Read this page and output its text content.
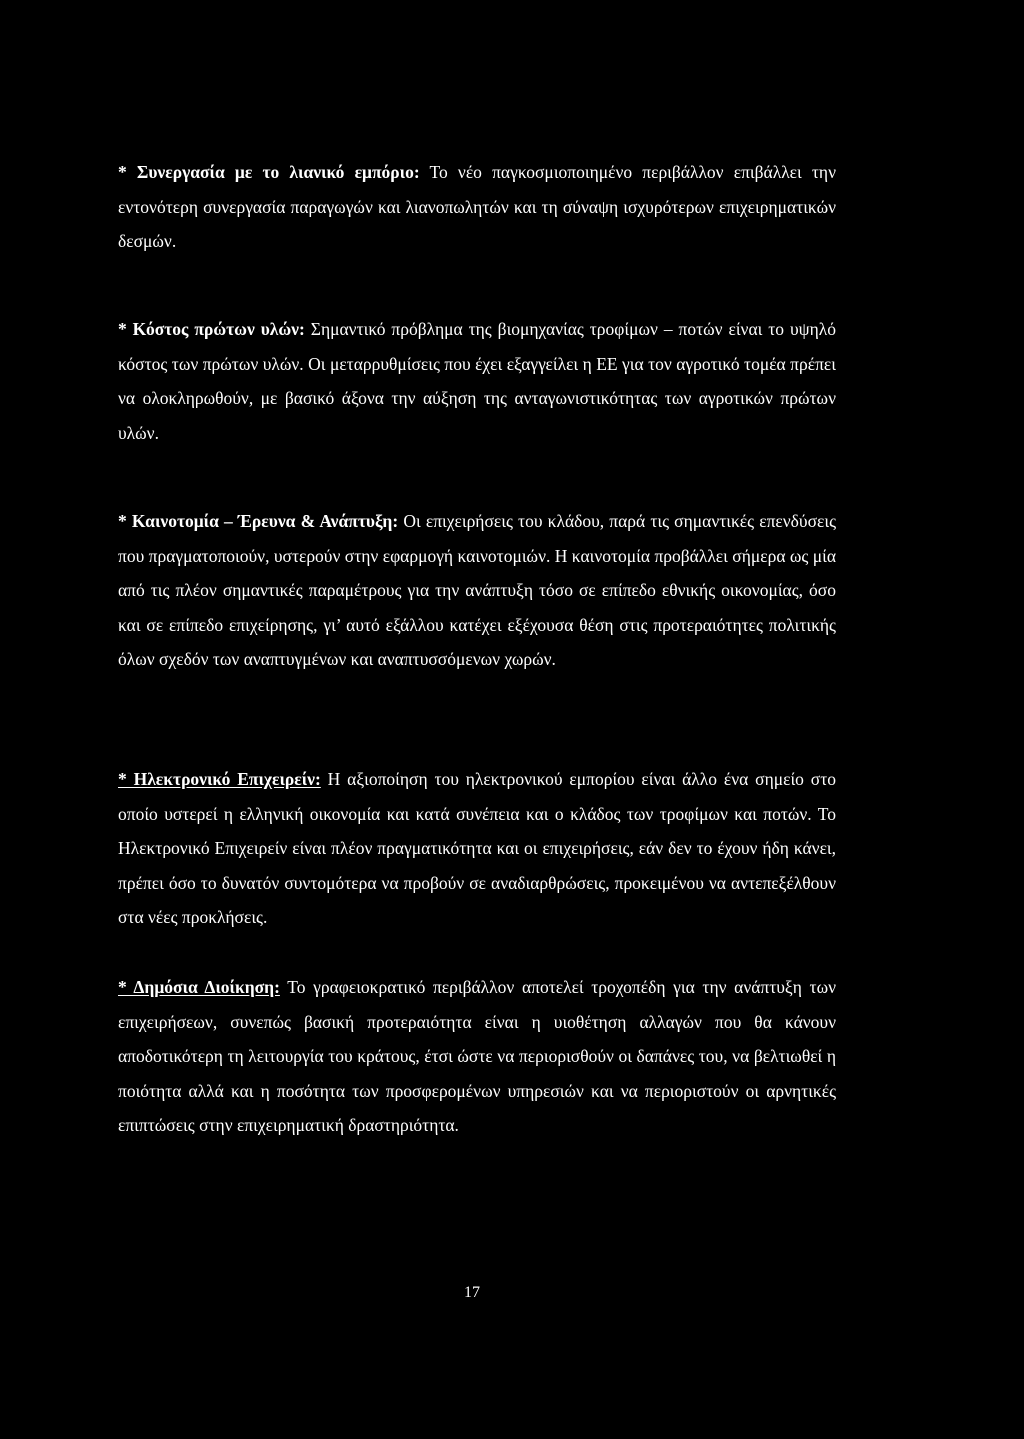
* Συνεργασία με το λιανικό εμπόριο: Το νέο παγκοσμιοποιημένο περιβάλλον επιβάλλει την εντονότερη συνεργασία παραγωγών και λιανοπωλητών και τη σύναψη ισχυρότερων επιχειρηματικών δεσμών.

* Κόστος πρώτων υλών: Σημαντικό πρόβλημα της βιομηχανίας τροφίμων – ποτών είναι το υψηλό κόστος των πρώτων υλών. Οι μεταρρυθμίσεις που έχει εξαγγείλει η ΕΕ για τον αγροτικό τομέα πρέπει να ολοκληρωθούν, με βασικό άξονα την αύξηση της ανταγωνιστικότητας των αγροτικών πρώτων υλών.

* Καινοτομία – Έρευνα & Ανάπτυξη: Οι επιχειρήσεις του κλάδου, παρά τις σημαντικές επενδύσεις που πραγματοποιούν, υστερούν στην εφαρμογή καινοτομιών. Η καινοτομία προβάλλει σήμερα ως μία από τις πλέον σημαντικές παραμέτρους για την ανάπτυξη τόσο σε επίπεδο εθνικής οικονομίας, όσο και σε επίπεδο επιχείρησης, γι’ αυτό εξάλλου κατέχει εξέχουσα θέση στις προτεραιότητες πολιτικής όλων σχεδόν των αναπτυγμένων και αναπτυσσόμενων χωρών.

* Ηλεκτρονικό Επιχειρείν: Η αξιοποίηση του ηλεκτρονικού εμπορίου είναι άλλο ένα σημείο στο οποίο υστερεί η ελληνική οικονομία και κατά συνέπεια και ο κλάδος των τροφίμων και ποτών. Το Ηλεκτρονικό Επιχειρείν είναι πλέον πραγματικότητα και οι επιχειρήσεις, εάν δεν το έχουν ήδη κάνει, πρέπει όσο το δυνατόν συντομότερα να προβούν σε αναδιαρθρώσεις, προκειμένου να αντεπεξέλθουν στα νέες προκλήσεις.

* Δημόσια Διοίκηση: Το γραφειοκρατικό περιβάλλον αποτελεί τροχοπέδη για την ανάπτυξη των επιχειρήσεων, συνεπώς βασική προτεραιότητα είναι η υιοθέτηση αλλαγών που θα κάνουν αποδοτικότερη τη λειτουργία του κράτους, έτσι ώστε να περιορισθούν οι δαπάνες του, να βελτιωθεί η ποιότητα αλλά και η ποσότητα των προσφερομένων υπηρεσιών και να περιοριστούν οι αρνητικές επιπτώσεις στην επιχειρηματική δραστηριότητα.

17
